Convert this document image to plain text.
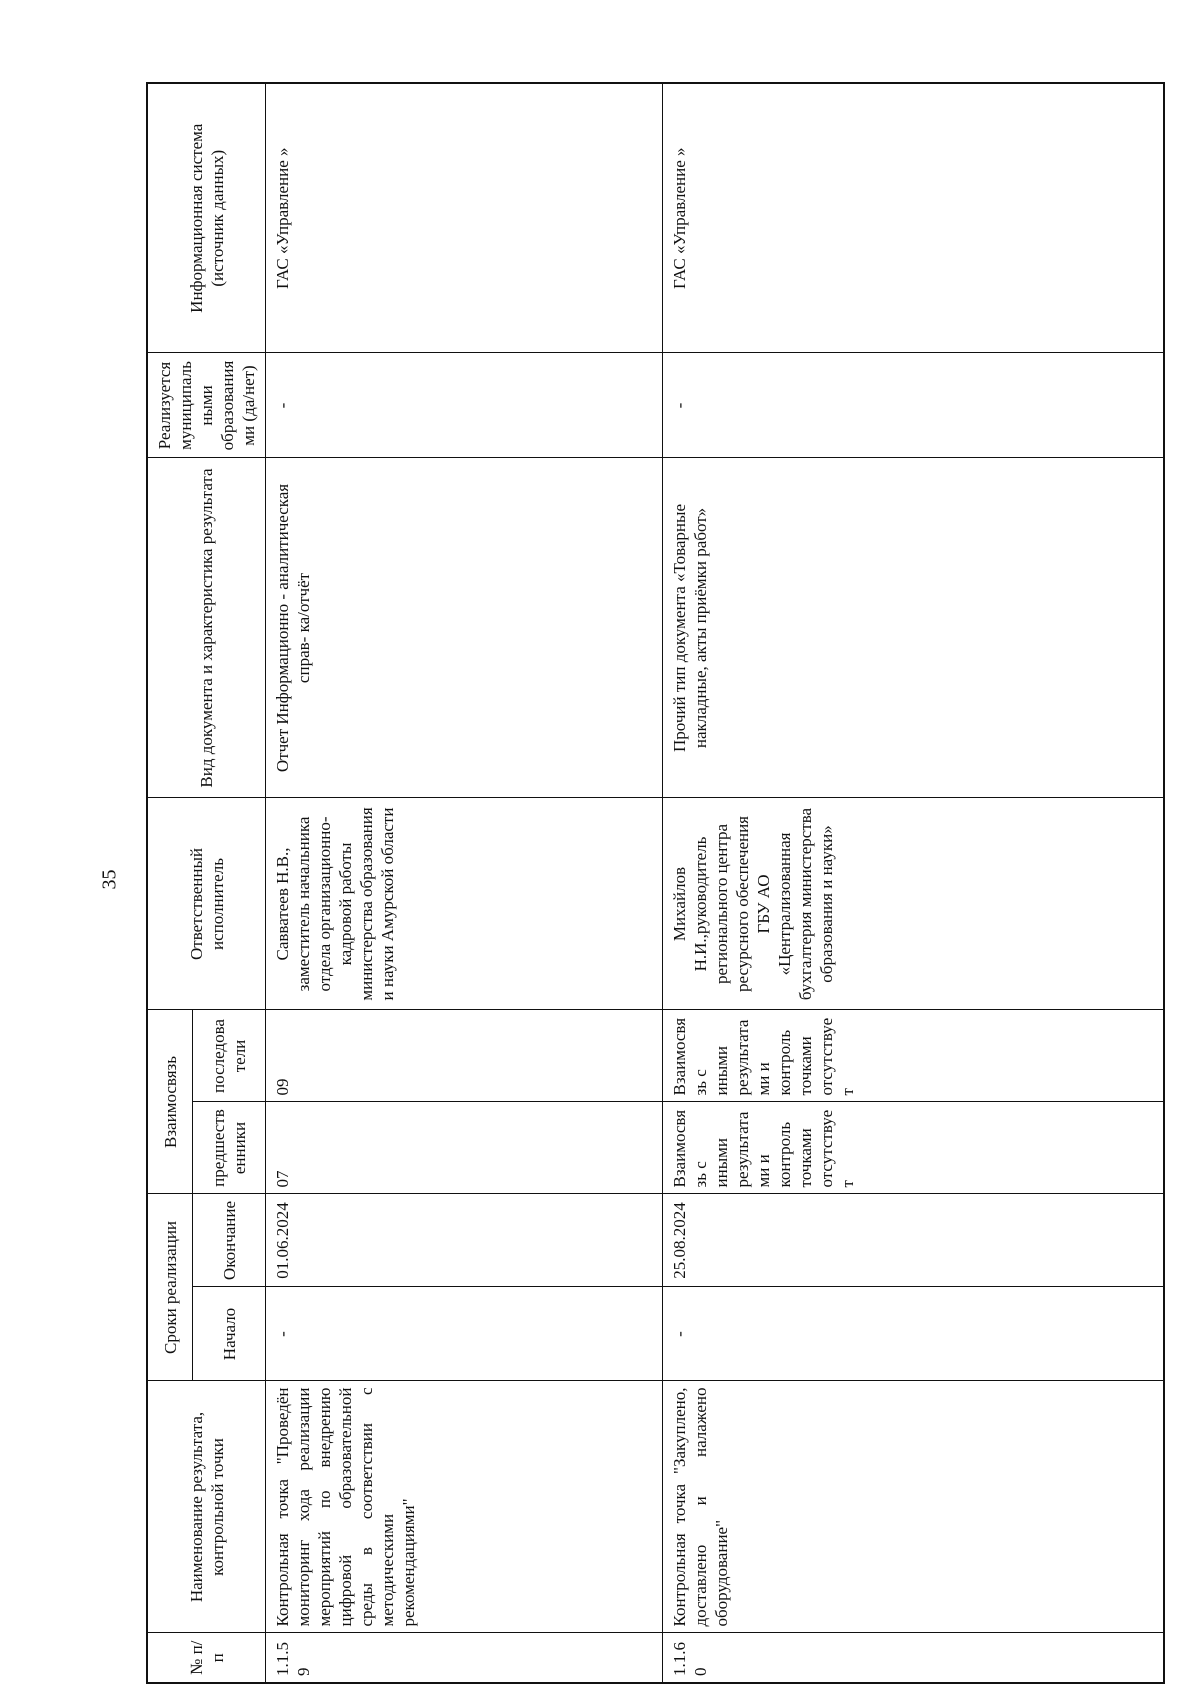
35
№ п/п	Наименование результата, контрольной точки	Сроки реализации		Взаимосвязь		Ответственный исполнитель	Вид документа и характеристика результата	Реализуется муниципальными образованиями (да/нет)	Информационная система (источник данных)
		Начало	Окончание	предшественники	последователи				
1.1.59	Контрольная точка "Проведён мониторинг хода реализации мероприятий по внедрению цифровой образовательной среды в соответствии с методическими рекомендациями"	-	01.06.2024	07	09	Савватеев Н.В., заместитель начальника отдела организационно-кадровой работы министерства образования и науки Амурской области	Отчет Информационно - аналитическая справ- ка/отчёт	-	ГАС «Управление »
1.1.60	Контрольная точка "Закуплено, доставлено и налажено оборудование"	-	25.08.2024	Взаимосвязь с иными результатами и контроль точками отсутствует	Взаимосвязь с иными результатами и контроль точками отсутствует	Михайлов Н.И.,руководитель регионального центра ресурсного обеспечения ГБУ АО «Централизованная бухгалтерия министерства образования и науки»	Прочий тип документа «Товарные накладные, акты приёмки работ»	-	ГАС «Управление »
